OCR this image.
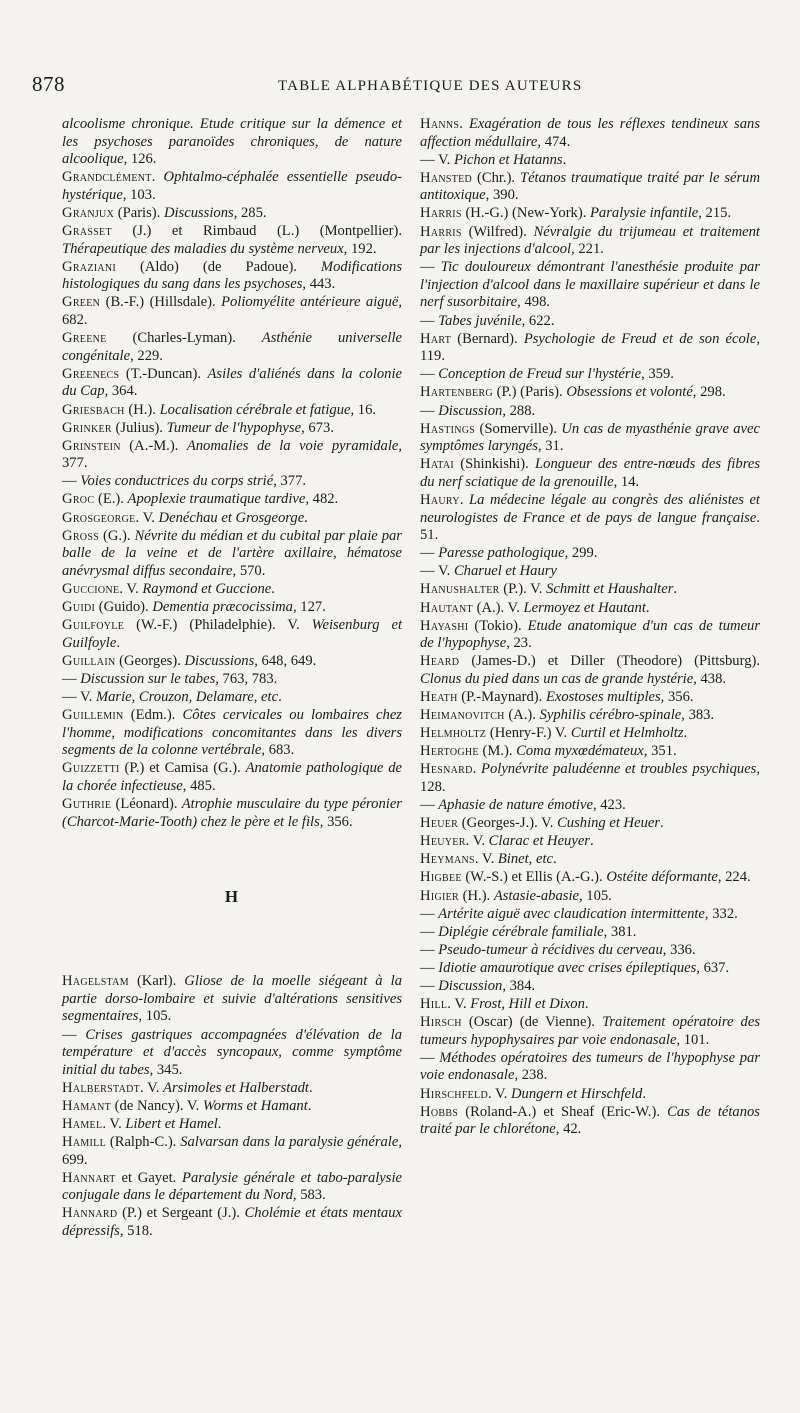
878	TABLE ALPHABÉTIQUE DES AUTEURS

alcoolisme chronique. Etude critique sur la démence et les psychoses paranoïdes chroniques, de nature alcoolique, 126.

Grandclément. Ophtalmo-céphalée essentielle pseudo-hystérique, 103.

Granjux (Paris). Discussions, 285.

Grasset (J.) et Rimbaud (L.) (Montpellier). Thérapeutique des maladies du système nerveux, 192.

Graziani (Aldo) (de Padoue). Modifications histologiques du sang dans les psychoses, 443.

Green (B.-F.) (Hillsdale). Poliomyélite antérieure aiguë, 682.

Greene (Charles-Lyman). Asthénie universelle congénitale, 229.

Greenecs (T.-Duncan). Asiles d'aliénés dans la colonie du Cap, 364.

Griesbach (H.). Localisation cérébrale et fatigue, 16.

Grinker (Julius). Tumeur de l'hypophyse, 673.

Grinstein (A.-M.). Anomalies de la voie pyramidale, 377.

— Voies conductrices du corps strié, 377.

Groc (E.). Apoplexie traumatique tardive, 482.

Grosgeorge. V. Denéchau et Grosgeorge.

Gross (G.). Névrite du médian et du cubital par plaie par balle de la veine et de l'artère axillaire, hématose anévrysmal diffus secondaire, 570.

Guccione. V. Raymond et Guccione.

Guidi (Guido). Dementia præcocissima, 127.

Guilfoyle (W.-F.) (Philadelphie). V. Weisenburg et Guilfoyle.

Guillain (Georges). Discussions, 648, 649.

— Discussion sur le tabes, 763, 783.

— V. Marie, Crouzon, Delamare, etc.

Guillemin (Edm.). Côtes cervicales ou lombaires chez l'homme, modifications concomitantes dans les divers segments de la colonne vertébrale, 683.

Guizzetti (P.) et Camisa (G.). Anatomie pathologique de la chorée infectieuse, 485.

Guthrie (Léonard). Atrophie musculaire du type péronier (Charcot-Marie-Tooth) chez le père et le fils, 356.

H

Hagelstam (Karl). Gliose de la moelle siégeant à la partie dorso-lombaire et suivie d'altérations sensitives segmentaires, 105.

— Crises gastriques accompagnées d'élévation de la température et d'accès syncopaux, comme symptôme initial du tabes, 345.

Halberstadt. V. Arsimoles et Halberstadt.

Hamant (de Nancy). V. Worms et Hamant.

Hamel. V. Libert et Hamel.

Hamill (Ralph-C.). Salvarsan dans la paralysie générale, 699.

Hannart et Gayet. Paralysie générale et tabo-paralysie conjugale dans le département du Nord, 583.

Hannard (P.) et Sergeant (J.). Cholémie et états mentaux dépressifs, 518.

Hanns. Exagération de tous les réflexes tendineux sans affection médullaire, 474.

— V. Pichon et Hatanns.

Hansted (Chr.). Tétanos traumatique traité par le sérum antitoxique, 390.

Harris (H.-G.) (New-York). Paralysie infantile, 215.

Harris (Wilfred). Névralgie du trijumeau et traitement par les injections d'alcool, 221.

— Tic douloureux démontrant l'anesthésie produite par l'injection d'alcool dans le maxillaire supérieur et dans le nerf susorbitaire, 498.

— Tabes juvénile, 622.

Hart (Bernard). Psychologie de Freud et de son école, 119.

— Conception de Freud sur l'hystérie, 359.

Hartenberg (P.) (Paris). Obsessions et volonté, 298.

— Discussion, 288.

Hastings (Somerville). Un cas de myasthénie grave avec symptômes laryngés, 31.

Hatai (Shinkishi). Longueur des entre-nœuds des fibres du nerf sciatique de la grenouille, 14.

Haury. La médecine légale au congrès des aliénistes et neurologistes de France et de pays de langue française. 51.

— Paresse pathologique, 299.

— V. Charuel et Haury

Hanushalter (P.). V. Schmitt et Haushalter.

Hautant (A.). V. Lermoyez et Hautant.

Hayashi (Tokio). Etude anatomique d'un cas de tumeur de l'hypophyse, 23.

Heard (James-D.) et Diller (Theodore) (Pittsburg). Clonus du pied dans un cas de grande hystérie, 438.

Heath (P.-Maynard). Exostoses multiples, 356.

Heimanovitch (A.). Syphilis cérébro-spinale, 383.

Helmholtz (Henry-F.) V. Curtil et Helmholtz.

Hertoghe (M.). Coma myxœdémateux, 351.

Hesnard. Polynévrite paludéenne et troubles psychiques, 128.

— Aphasie de nature émotive, 423.

Heuer (Georges-J.). V. Cushing et Heuer.

Heuyer. V. Clarac et Heuyer.

Heymans. V. Binet, etc.

Higbee (W.-S.) et Ellis (A.-G.). Ostéite déformante, 224.

Higier (H.). Astasie-abasie, 105.

— Artérite aiguë avec claudication intermittente, 332.

— Diplégie cérébrale familiale, 381.

— Pseudo-tumeur à récidives du cerveau, 336.

— Idiotie amaurotique avec crises épileptiques, 637.

— Discussion, 384.

Hill. V. Frost, Hill et Dixon.

Hirsch (Oscar) (de Vienne). Traitement opératoire des tumeurs hypophysaires par voie endonasale, 101.

— Méthodes opératoires des tumeurs de l'hypophyse par voie endonasale, 238.

Hirschfeld. V. Dungern et Hirschfeld.

Hobbs (Roland-A.) et Sheaf (Eric-W.). Cas de tétanos traité par le chlorétone, 42.
